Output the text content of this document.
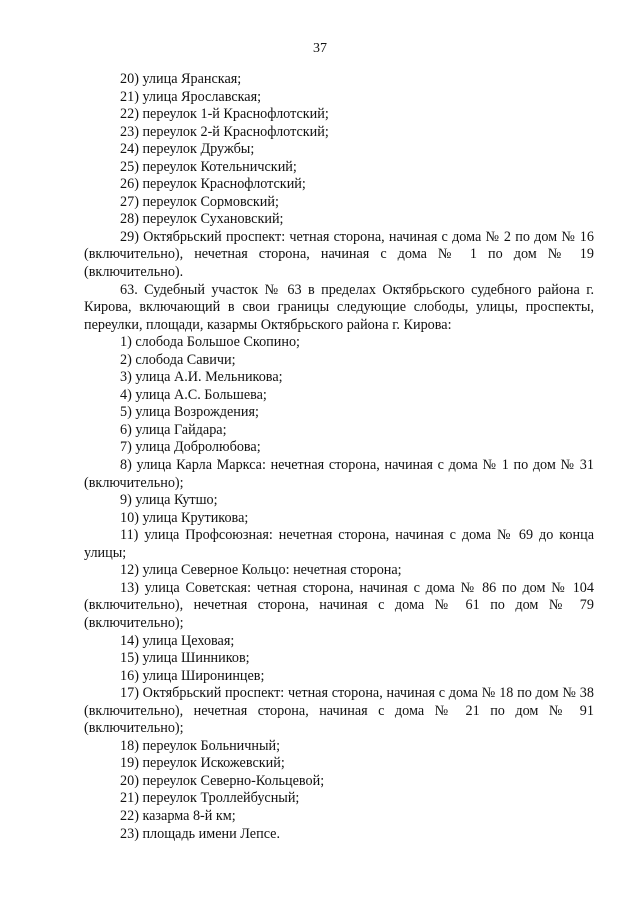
37
20) улица Яранская;
21) улица Ярославская;
22) переулок 1-й Краснофлотский;
23) переулок 2-й Краснофлотский;
24) переулок Дружбы;
25) переулок Котельничский;
26) переулок Краснофлотский;
27) переулок Сормовский;
28) переулок Сухановский;
29) Октябрьский проспект: четная сторона, начиная с дома № 2 по дом № 16 (включительно), нечетная сторона, начиная с дома № 1 по дом № 19 (включительно).
63. Судебный участок № 63 в пределах Октябрьского судебного района г. Кирова, включающий в свои границы следующие слободы, улицы, проспекты, переулки, площади, казармы Октябрьского района г. Кирова:
1) слобода Большое Скопино;
2) слобода Савичи;
3) улица А.И. Мельникова;
4) улица А.С. Большева;
5) улица Возрождения;
6) улица Гайдара;
7) улица Добролюбова;
8) улица Карла Маркса: нечетная сторона, начиная с дома № 1 по дом № 31 (включительно);
9) улица Кутшо;
10) улица Крутикова;
11) улица Профсоюзная: нечетная сторона, начиная с дома № 69 до конца улицы;
12) улица Северное Кольцо: нечетная сторона;
13) улица Советская: четная сторона, начиная с дома № 86 по дом № 104 (включительно), нечетная сторона, начиная с дома № 61 по дом № 79 (включительно);
14) улица Цеховая;
15) улица Шинников;
16) улица Широнинцев;
17) Октябрьский проспект: четная сторона, начиная с дома № 18 по дом № 38 (включительно), нечетная сторона, начиная с дома № 21 по дом № 91 (включительно);
18) переулок Больничный;
19) переулок Искожевский;
20) переулок Северно-Кольцевой;
21) переулок Троллейбусный;
22) казарма 8-й км;
23) площадь имени Лепсе.
